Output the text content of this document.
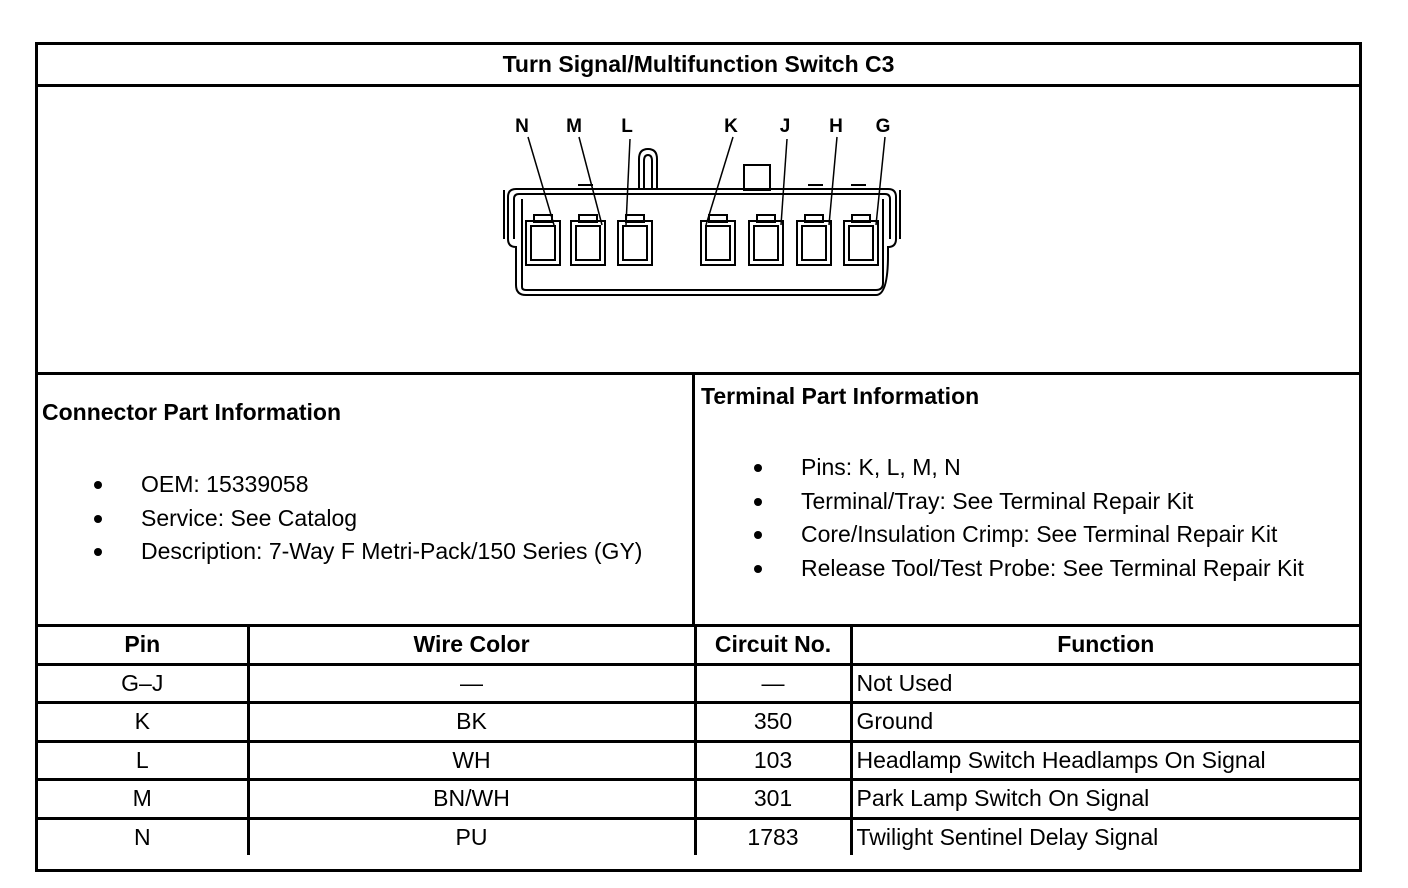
Turn Signal/Multifunction Switch C3
N M L	K J H G
Connector Part Information
OEM: 15339058
Service: See Catalog
Description: 7-Way F Metri-Pack/150 Series (GY)
Terminal Part Information
Pins: K, L, M, N
Terminal/Tray: See Terminal Repair Kit
Core/Insulation Crimp: See Terminal Repair Kit
Release Tool/Test Probe: See Terminal Repair Kit
Pin	Wire Color	Circuit No.	Function
G–J	—	—	Not Used
K	BK	350	Ground
L	WH	103	Headlamp Switch Headlamps On Signal
M	BN/WH	301	Park Lamp Switch On Signal
N	PU	1783	Twilight Sentinel Delay Signal
